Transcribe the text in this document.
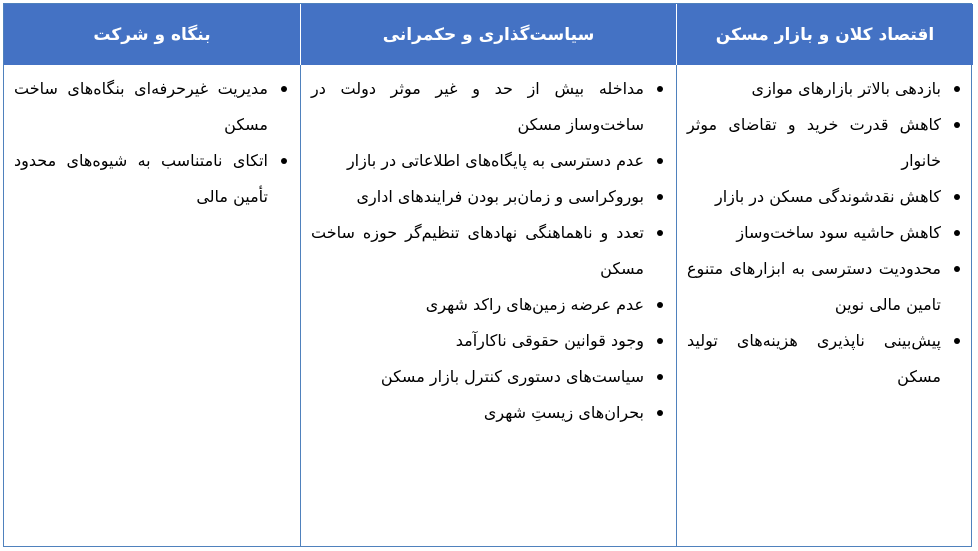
بنگاه و شرکت	سیاست‌گذاری و حکمرانی	اقتصاد کلان و بازار مسکن
مدیریت غیرحرفه‌ای بنگاه‌های ساخت مسکن
اتکای نامتناسب به شیوه‌های محدود تأمین مالی
مداخله بیش از حد و غیر موثر دولت در ساخت‌وساز مسکن
عدم دسترسی به پایگاه‌های اطلاعاتی در بازار
بوروکراسی و زمان‌بر بودن فرایندهای اداری
تعدد و ناهماهنگی نهادهای تنظیم‌گر حوزه ساخت مسکن
عدم عرضه زمین‌های راکد شهری
وجود قوانین حقوقی ناکارآمد
سیاست‌های دستوری کنترل بازار مسکن
بحران‌های زیستِ شهری
بازدهی بالاتر بازارهای موازی
کاهش قدرت خرید و تقاضای موثر خانوار
کاهش نقدشوندگی مسکن در بازار
کاهش حاشیه سود ساخت‌وساز
محدودیت دسترسی به ابزارهای متنوع تامین مالی نوین
پیش‌بینی ناپذیری هزینه‌های تولید مسکن
